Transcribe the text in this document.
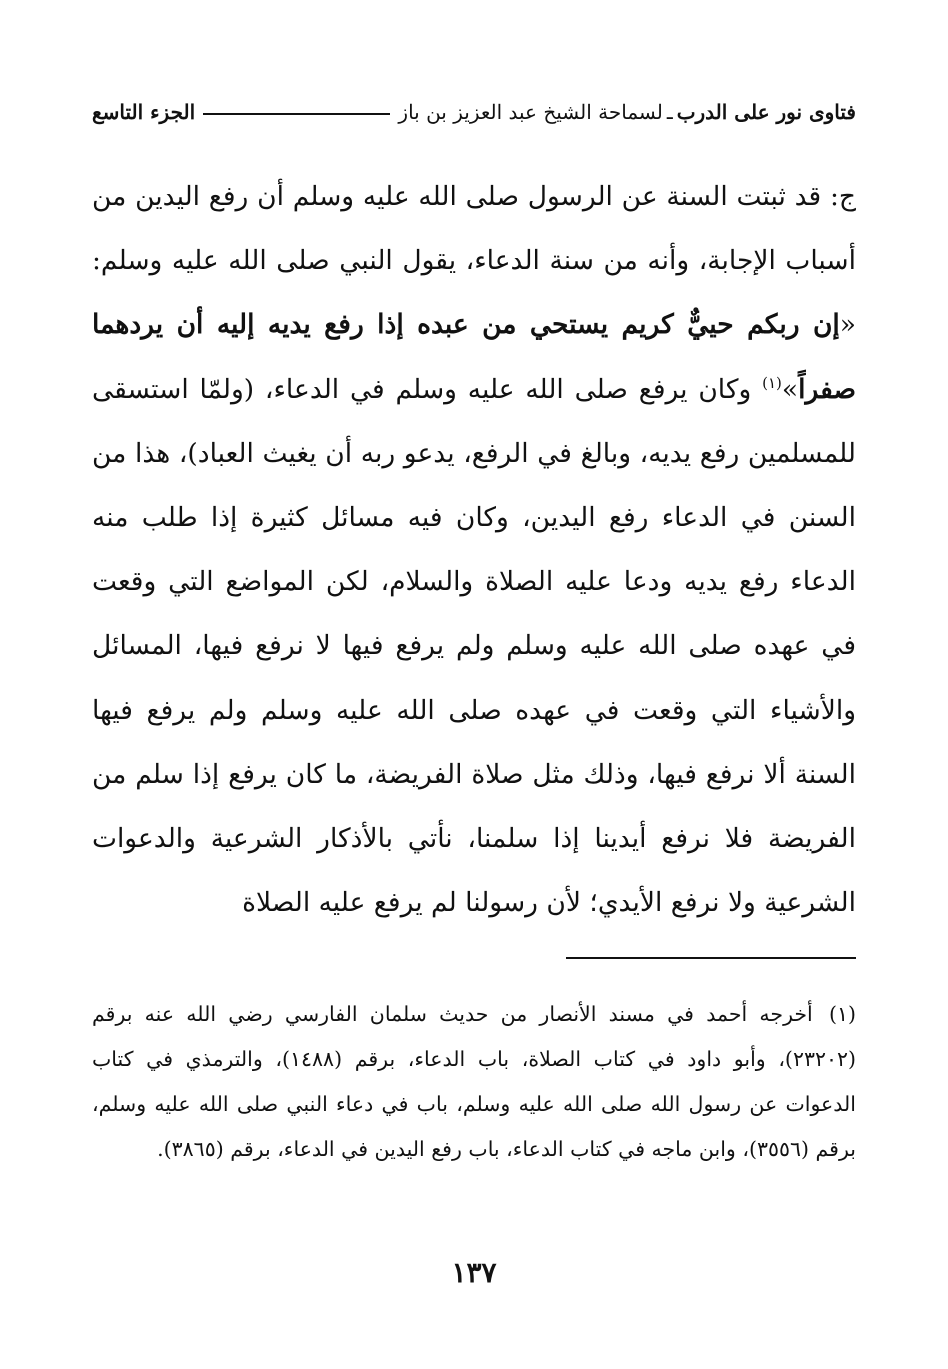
فتاوى نور على الدرب
ـ
لسماحة الشيخ عبد العزيز بن باز
الجزء التاسع
ج: قد ثبتت السنة عن الرسول صلى الله عليه وسلم أن رفع اليدين من أسباب الإجابة، وأنه من سنة الدعاء، يقول النبي صلى الله عليه وسلم: «إن ربكم حييٌّ كريم يستحي من عبده إذا رفع يديه إليه أن يردهما صفراً»$^{(١)}$ وكان يرفع صلى الله عليه وسلم في الدعاء، (ولمّا استسقى للمسلمين رفع يديه، وبالغ في الرفع، يدعو ربه أن يغيث العباد)، هذا من السنن في الدعاء رفع اليدين، وكان فيه مسائل كثيرة إذا طلب منه الدعاء رفع يديه ودعا عليه الصلاة والسلام، لكن المواضع التي وقعت في عهده صلى الله عليه وسلم ولم يرفع فيها لا نرفع فيها، المسائل والأشياء التي وقعت في عهده صلى الله عليه وسلم ولم يرفع فيها السنة ألا نرفع فيها، وذلك مثل صلاة الفريضة، ما كان يرفع إذا سلم من الفريضة فلا نرفع أيدينا إذا سلمنا، نأتي بالأذكار الشرعية والدعوات الشرعية ولا نرفع الأيدي؛ لأن رسولنا لم يرفع عليه الصلاة
(١) أخرجه أحمد في مسند الأنصار من حديث سلمان الفارسي رضي الله عنه برقم (٢٣٢٠٢)، وأبو داود في كتاب الصلاة، باب الدعاء، برقم (١٤٨٨)، والترمذي في كتاب الدعوات عن رسول الله صلى الله عليه وسلم، باب في دعاء النبي صلى الله عليه وسلم، برقم (٣٥٥٦)، وابن ماجه في كتاب الدعاء، باب رفع اليدين في الدعاء، برقم (٣٨٦٥).
١٣٧
